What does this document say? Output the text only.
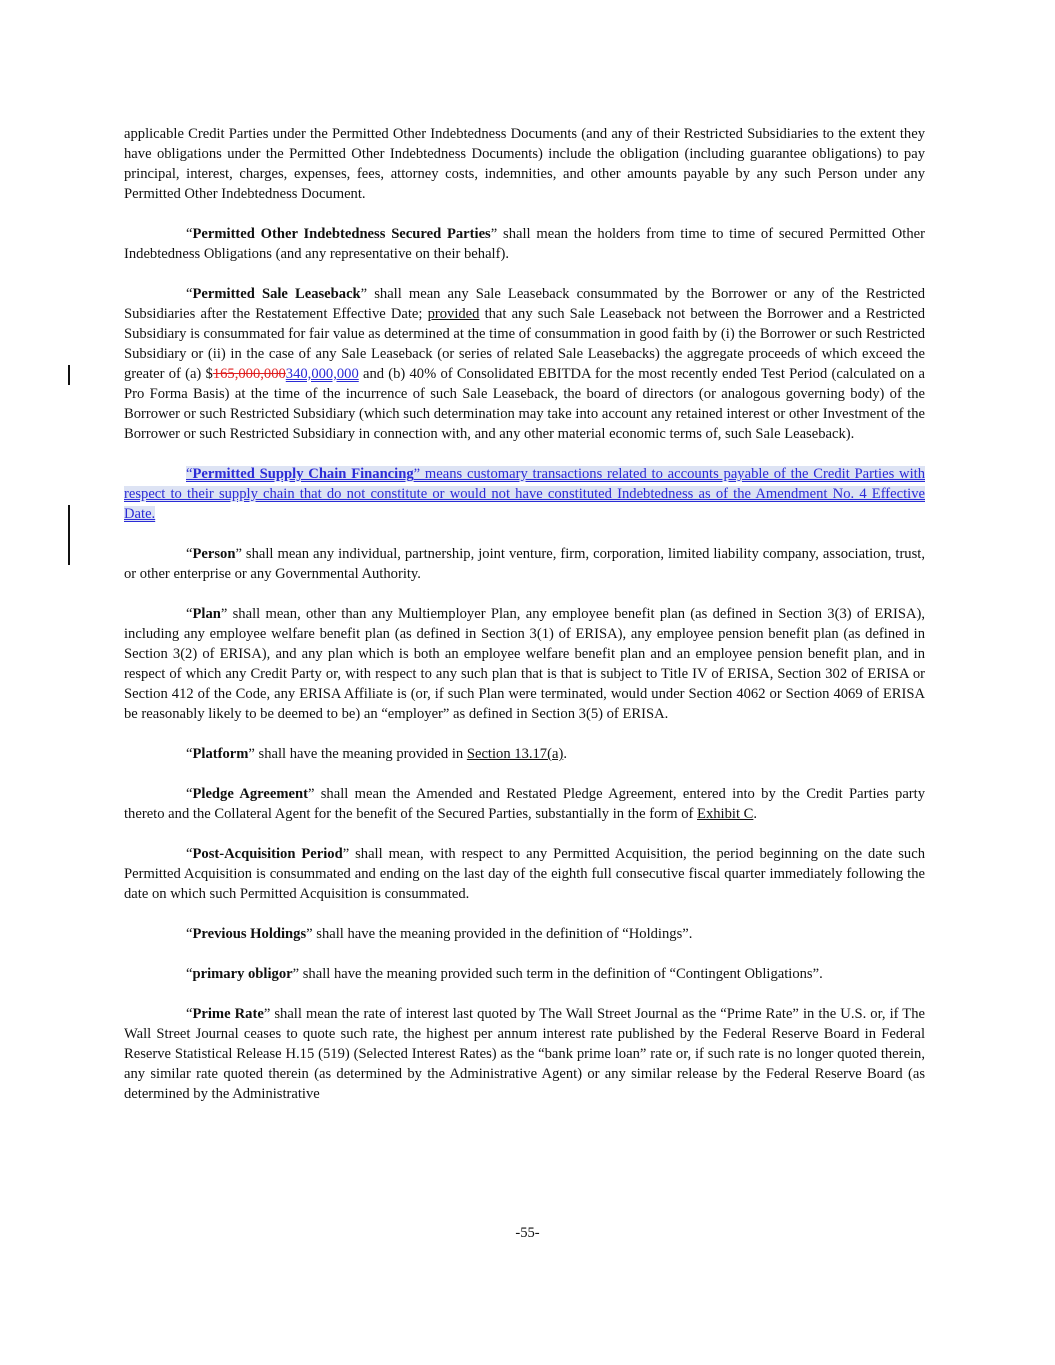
applicable Credit Parties under the Permitted Other Indebtedness Documents (and any of their Restricted Subsidiaries to the extent they have obligations under the Permitted Other Indebtedness Documents) include the obligation (including guarantee obligations) to pay principal, interest, charges, expenses, fees, attorney costs, indemnities, and other amounts payable by any such Person under any Permitted Other Indebtedness Document.

“Permitted Other Indebtedness Secured Parties” shall mean the holders from time to time of secured Permitted Other Indebtedness Obligations (and any representative on their behalf).

“Permitted Sale Leaseback” shall mean any Sale Leaseback consummated by the Borrower or any of the Restricted Subsidiaries after the Restatement Effective Date; provided that any such Sale Leaseback not between the Borrower and a Restricted Subsidiary is consummated for fair value as determined at the time of consummation in good faith by (i) the Borrower or such Restricted Subsidiary or (ii) in the case of any Sale Leaseback (or series of related Sale Leasebacks) the aggregate proceeds of which exceed the greater of (a) $165,000,000340,000,000 and (b) 40% of Consolidated EBITDA for the most recently ended Test Period (calculated on a Pro Forma Basis) at the time of the incurrence of such Sale Leaseback, the board of directors (or analogous governing body) of the Borrower or such Restricted Subsidiary (which such determination may take into account any retained interest or other Investment of the Borrower or such Restricted Subsidiary in connection with, and any other material economic terms of, such Sale Leaseback).

“Permitted Supply Chain Financing” means customary transactions related to accounts payable of the Credit Parties with respect to their supply chain that do not constitute or would not have constituted Indebtedness as of the Amendment No. 4 Effective Date.

“Person” shall mean any individual, partnership, joint venture, firm, corporation, limited liability company, association, trust, or other enterprise or any Governmental Authority.

“Plan” shall mean, other than any Multiemployer Plan, any employee benefit plan (as defined in Section 3(3) of ERISA), including any employee welfare benefit plan (as defined in Section 3(1) of ERISA), any employee pension benefit plan (as defined in Section 3(2) of ERISA), and any plan which is both an employee welfare benefit plan and an employee pension benefit plan, and in respect of which any Credit Party or, with respect to any such plan that is that is subject to Title IV of ERISA, Section 302 of ERISA or Section 412 of the Code, any ERISA Affiliate is (or, if such Plan were terminated, would under Section 4062 or Section 4069 of ERISA be reasonably likely to be deemed to be) an “employer” as defined in Section 3(5) of ERISA.

“Platform” shall have the meaning provided in Section 13.17(a).

“Pledge Agreement” shall mean the Amended and Restated Pledge Agreement, entered into by the Credit Parties party thereto and the Collateral Agent for the benefit of the Secured Parties, substantially in the form of Exhibit C.

“Post-Acquisition Period” shall mean, with respect to any Permitted Acquisition, the period beginning on the date such Permitted Acquisition is consummated and ending on the last day of the eighth full consecutive fiscal quarter immediately following the date on which such Permitted Acquisition is consummated.

“Previous Holdings” shall have the meaning provided in the definition of “Holdings”.

“primary obligor” shall have the meaning provided such term in the definition of “Contingent Obligations”.

“Prime Rate” shall mean the rate of interest last quoted by The Wall Street Journal as the “Prime Rate” in the U.S. or, if The Wall Street Journal ceases to quote such rate, the highest per annum interest rate published by the Federal Reserve Board in Federal Reserve Statistical Release H.15 (519) (Selected Interest Rates) as the “bank prime loan” rate or, if such rate is no longer quoted therein, any similar rate quoted therein (as determined by the Administrative Agent) or any similar release by the Federal Reserve Board (as determined by the Administrative

-55-
